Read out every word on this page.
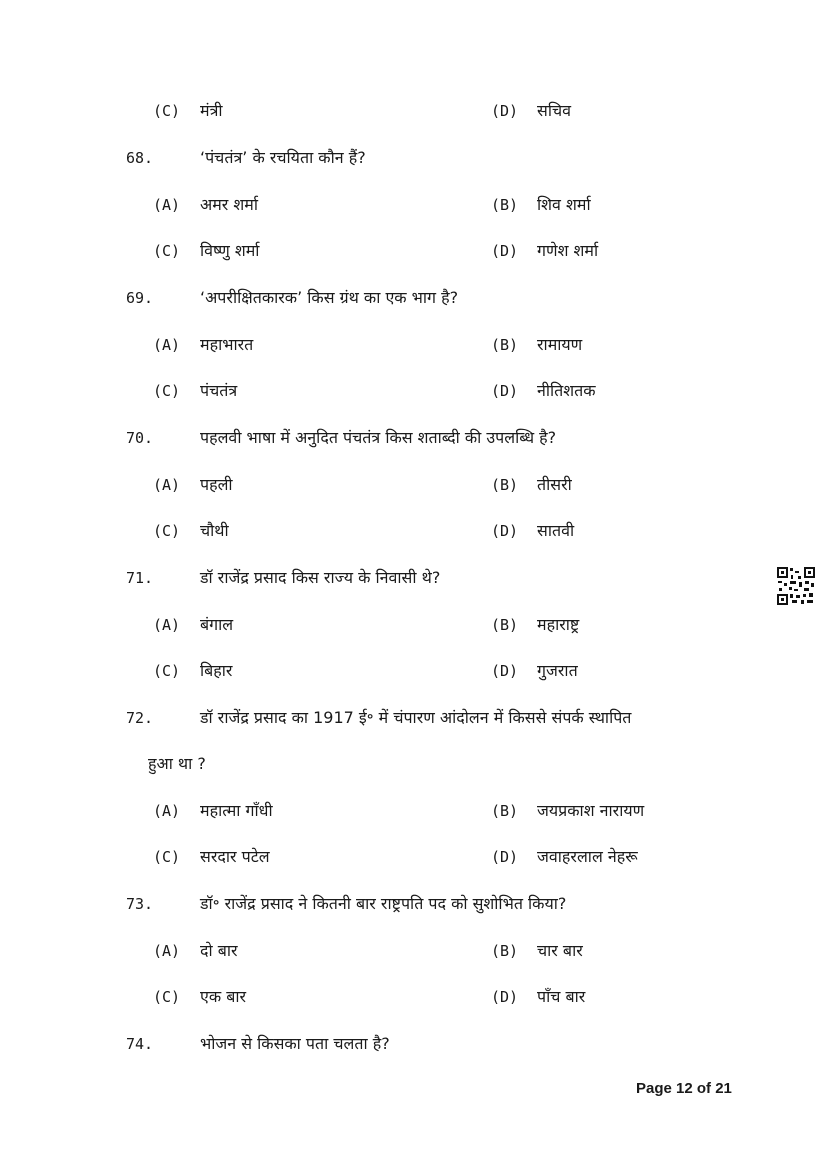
(C) मंत्री	(D) सचिव
68.	‘पंचतंत्र’ के रचयिता कौन हैं?
(A) अमर शर्मा	(B) शिव शर्मा
(C) विष्णु शर्मा	(D) गणेश शर्मा
69.	‘अपरीक्षितकारक’ किस ग्रंथ का एक भाग है?
(A) महाभारत	(B) रामायण
(C) पंचतंत्र	(D) नीतिशतक
70.	पहलवी भाषा में अनुदित पंचतंत्र किस शताब्दी की उपलब्धि है?
(A) पहली	(B) तीसरी
(C) चौथी	(D) सातवी
71.	डॉ राजेंद्र प्रसाद किस राज्य के निवासी थे?
(A) बंगाल	(B) महाराष्ट्र
(C) बिहार	(D) गुजरात
72.	डॉ राजेंद्र प्रसाद का 1917 ई॰ में चंपारण आंदोलन में किससे संपर्क स्थापित
हुआ था ?
(A) महात्मा गाँधी	(B) जयप्रकाश नारायण
(C) सरदार पटेल	(D) जवाहरलाल नेहरू
73.	डॉ॰ राजेंद्र प्रसाद ने कितनी बार राष्ट्रपति पद को सुशोभित किया?
(A) दो बार	(B) चार बार
(C) एक बार	(D) पाँच बार
74.	भोजन से किसका पता चलता है?
Page 12 of 21
